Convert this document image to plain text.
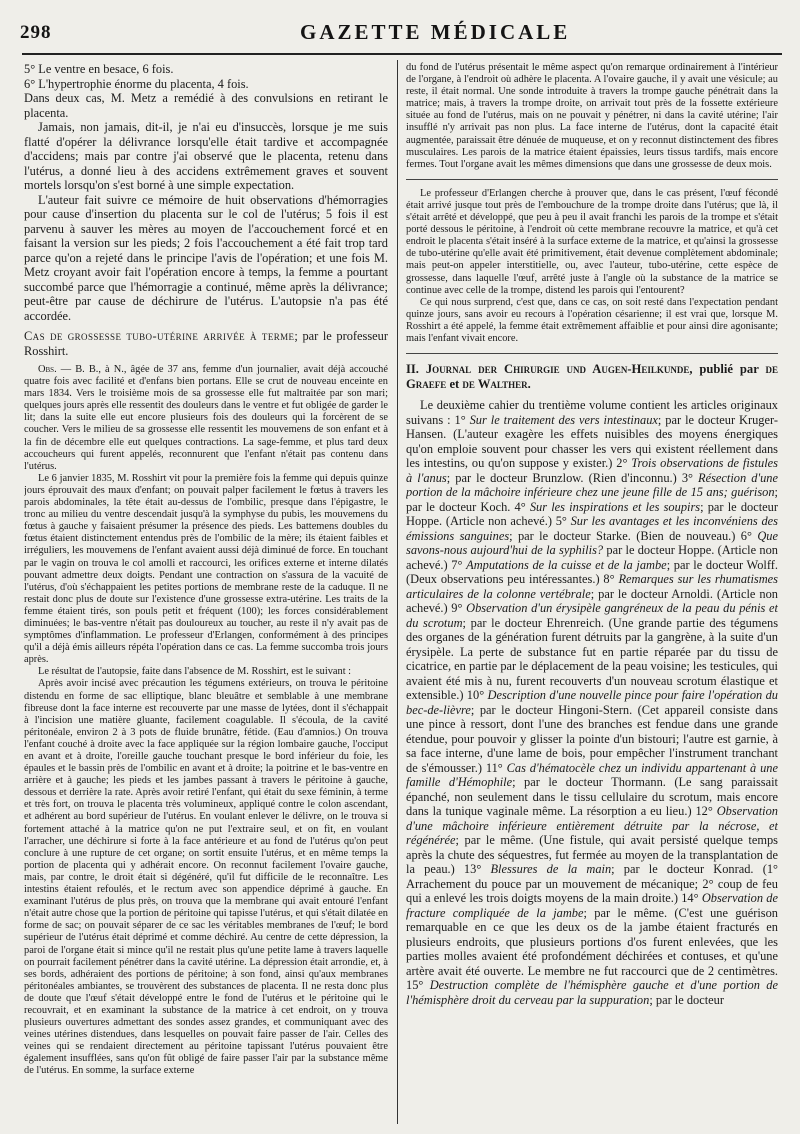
298	GAZETTE MÉDICALE

5° Le ventre en besace, 6 fois.

6° L'hypertrophie énorme du placenta, 4 fois.

Dans deux cas, M. Metz a remédié à des convulsions en retirant le placenta.

Jamais, non jamais, dit-il, je n'ai eu d'insuccès, lorsque je me suis flatté d'opérer la délivrance lorsqu'elle était tardive et accompagnée d'accidens; mais par contre j'ai observé que le placenta, retenu dans l'utérus, a donné lieu à des accidens extrêmement graves et souvent mortels lorsqu'on s'est borné à une simple expectation.

L'auteur fait suivre ce mémoire de huit observations d'hémorragies pour cause d'insertion du placenta sur le col de l'utérus; 5 fois il est parvenu à sauver les mères au moyen de l'accouchement forcé et en faisant la version sur les pieds; 2 fois l'accouchement a été fait trop tard parce qu'on a rejeté dans le principe l'avis de l'opération; et une fois M. Metz croyant avoir fait l'opération encore à temps, la femme a pourtant succombé parce que l'hémorragie a continué, même après la délivrance; peut-être par cause de déchirure de l'utérus. L'autopsie n'a pas été accordée.

Cas de grossesse tubo-utérine arrivée à terme; par le professeur Rosshirt.

Obs. — B. B., à N., âgée de 37 ans, femme d'un journalier, avait déjà accouché quatre fois avec facilité et d'enfans bien portans. Elle se crut de nouveau enceinte en mars 1834. Vers le troisième mois de sa grossesse elle fut maltraitée par son mari; quelques jours après elle ressentit des douleurs dans le ventre et fut obligée de garder le lit; dans la suite elle eut encore plusieurs fois des douleurs qui la forcèrent de se coucher. Vers le milieu de sa grossesse elle ressentit les mouvemens de son enfant et à la fin de décembre elle eut quelques contractions. La sage-femme, et plus tard deux accoucheurs qui furent appelés, reconnurent que l'enfant n'était pas contenu dans l'utérus.

Le 6 janvier 1835, M. Rosshirt vit pour la première fois la femme qui depuis quinze jours éprouvait des maux d'enfant; on pouvait palper facilement le fœtus à travers les parois abdominales, la tête était au-dessus de l'ombilic, presque dans l'épigastre, le tronc au milieu du ventre descendait jusqu'à la symphyse du pubis, les mouvemens du fœtus à gauche y faisaient présumer la présence des pieds. Les battemens doubles du fœtus étaient distinctement entendus près de l'ombilic de la mère; ils étaient faibles et irréguliers, les mouvemens de l'enfant avaient aussi déjà diminué de force. En touchant par le vagin on trouva le col amolli et raccourci, les orifices externe et interne dilatés pouvant admettre deux doigts. Pendant une contraction on s'assura de la vacuité de l'utérus, d'où s'échappaient les petites portions de membrane reste de la caduque. Il ne restait donc plus de doute sur l'existence d'une grossesse extra-utérine. Les traits de la femme étaient tirés, son pouls petit et fréquent (100); les forces considérablement diminuées; le bas-ventre n'était pas douloureux au toucher, au reste il n'y avait pas de symptômes d'inflammation. Le professeur d'Erlangen, conformément à des principes qu'il a déjà émis ailleurs répéta l'opération dans ce cas. La femme succomba trois jours après.

Le résultat de l'autopsie, faite dans l'absence de M. Rosshirt, est le suivant :

Après avoir incisé avec précaution les tégumens extérieurs, on trouva le péritoine distendu en forme de sac elliptique, blanc bleuâtre et semblable à une membrane fibreuse dont la face interne est recouverte par une masse de lytées, dont il s'échappait à l'incision une matière gluante, facilement coagulable. Il s'écoula, de la cavité péritonéale, environ 2 à 3 pots de fluide brunâtre, fétide. (Eau d'amnios.) On trouva l'enfant couché à droite avec la face appliquée sur la région lombaire gauche, l'occiput en avant et à droite, l'oreille gauche touchant presque le bord inférieur du foie, les épaules et le bassin près de l'ombilic en avant et à droite; la poitrine et le bas-ventre en arrière et à gauche; les pieds et les jambes passant à travers le péritoine à gauche, dessous et derrière la rate. Après avoir retiré l'enfant, qui était du sexe féminin, à terme et très fort, on trouva le placenta très volumineux, appliqué contre le colon ascendant, et adhérent au bord supérieur de l'utérus. En voulant enlever le délivre, on le trouva si fortement attaché à la matrice qu'on ne put l'extraire seul, et on fit, en voulant l'arracher, une déchirure si forte à la face antérieure et au fond de l'utérus qu'on peut conclure à une rupture de cet organe; on sortit ensuite l'utérus, et en même temps la portion de placenta qui y adhérait encore. On reconnut facilement l'ovaire gauche, mais, par contre, le droit était si dégénéré, qu'il fut difficile de le reconnaître. Les intestins étaient refoulés, et le rectum avec son appendice déprimé à gauche. En examinant l'utérus de plus près, on trouva que la membrane qui avait entouré l'enfant n'était autre chose que la portion de péritoine qui tapisse l'utérus, et qui s'était dilatée en forme de sac; on pouvait séparer de ce sac les véritables membranes de l'œuf; le bord supérieur de l'utérus était déprimé et comme déchiré. Au centre de cette dépression, la paroi de l'organe était si mince qu'il ne restait plus qu'une petite lame à travers laquelle on pourrait facilement pénétrer dans la cavité utérine. La dépression était arrondie, et, à ses bords, adhéraient des portions de péritoine; à son fond, ainsi qu'aux membranes péritonéales ambiantes, se trouvèrent des substances de placenta. Il ne resta donc plus de doute que l'œuf s'était développé entre le fond de l'utérus et le péritoine qui le recouvrait, et en examinant la substance de la matrice à cet endroit, on y trouva plusieurs ouvertures admettant des sondes assez grandes, et communiquant avec des veines utérines distendues, dans lesquelles on pouvait faire passer de l'air. Celles des veines qui se rendaient directement au péritoine tapissant l'utérus pouvaient être également insufflées, sans qu'on fût obligé de faire passer l'air par la substance même de l'utérus. En somme, la surface externe

du fond de l'utérus présentait le même aspect qu'on remarque ordinairement à l'intérieur de l'organe, à l'endroit où adhère le placenta. A l'ovaire gauche, il y avait une vésicule; au reste, il était normal. Une sonde introduite à travers la trompe gauche pénétrait dans la matrice; mais, à travers la trompe droite, on arrivait tout près de la fossette extérieure située au fond de l'utérus, mais on ne pouvait y pénétrer, ni dans la cavité utérine; l'air insufflé n'y arrivait pas non plus. La face interne de l'utérus, dont la capacité était augmentée, paraissait être dénuée de muqueuse, et on y reconnut distinctement des fibres musculaires. Les parois de la matrice étaient épaissies, leurs tissus tardifs, mais encore fermes. Tout l'organe avait les mêmes dimensions que dans une grossesse de deux mois.

Le professeur d'Erlangen cherche à prouver que, dans le cas présent, l'œuf fécondé était arrivé jusque tout près de l'embouchure de la trompe droite dans l'utérus; que là, il s'était arrêté et développé, que peu à peu il avait franchi les parois de la trompe et s'était porté dessous le péritoine, à l'endroit où cette membrane recouvre la matrice, et qu'à cet endroit le placenta s'était inséré à la surface externe de la matrice, et qu'ainsi la grossesse de tubo-utérine qu'elle avait été primitivement, était devenue complètement abdominale; mais peut-on appeler interstitielle, ou, avec l'auteur, tubo-utérine, cette espèce de grossesse, dans laquelle l'œuf, arrêté juste à l'angle où la substance de la matrice se continue avec celle de la trompe, distend les parois qui l'entourent?

Ce qui nous surprend, c'est que, dans ce cas, on soit resté dans l'expectation pendant quinze jours, sans avoir eu recours à l'opération césarienne; il est vrai que, lorsque M. Rosshirt a été appelé, la femme était extrêmement affaiblie et pour ainsi dire agonisante; mais l'enfant vivait encore.

II. Journal der Chirurgie und Augen-Heilkunde, publié par de Graefe et de Walther.

Le deuxième cahier du trentième volume contient les articles originaux suivans : 1° Sur le traitement des vers intestinaux; par le docteur Kruger-Hansen. (L'auteur exagère les effets nuisibles des moyens énergiques qu'on emploie souvent pour chasser les vers qui existent réellement dans les intestins, ou qu'on suppose y exister.) 2° Trois observations de fistules à l'anus; par le docteur Brunzlow. (Rien d'inconnu.) 3° Résection d'une portion de la mâchoire inférieure chez une jeune fille de 15 ans; guérison; par le docteur Koch. 4° Sur les inspirations et les soupirs; par le docteur Hoppe. (Article non achevé.) 5° Sur les avantages et les inconvéniens des émissions sanguines; par le docteur Starke. (Bien de nouveau.) 6° Que savons-nous aujourd'hui de la syphilis? par le docteur Hoppe. (Article non achevé.) 7° Amputations de la cuisse et de la jambe; par le docteur Wolff. (Deux observations peu intéressantes.) 8° Remarques sur les rhumatismes articulaires de la colonne vertébrale; par le docteur Arnoldi. (Article non achevé.) 9° Observation d'un érysipèle gangréneux de la peau du pénis et du scrotum; par le docteur Ehrenreich. (Une grande partie des tégumens des organes de la génération furent détruits par la gangrène, à la suite d'un érysipèle. La perte de substance fut en partie réparée par du tissu de cicatrice, en partie par le déplacement de la peau voisine; les testicules, qui avaient été mis à nu, furent recouverts d'un nouveau scrotum élastique et extensible.) 10° Description d'une nouvelle pince pour faire l'opération du bec-de-lièvre; par le docteur Hingoni-Stern. (Cet appareil consiste dans une pince à ressort, dont l'une des branches est fendue dans une grande étendue, pour pouvoir y glisser la pointe d'un bistouri; l'autre est garnie, à sa face interne, d'une lame de bois, pour empêcher l'instrument tranchant de s'émousser.) 11° Cas d'hématocèle chez un individu appartenant à une famille d'Hémophile; par le docteur Thormann. (Le sang paraissait épanché, non seulement dans le tissu cellulaire du scrotum, mais encore dans la tunique vaginale même. La résorption a eu lieu.) 12° Observation d'une mâchoire inférieure entièrement détruite par la nécrose, et régénérée; par le même. (Une fistule, qui avait persisté quelque temps après la chute des séquestres, fut fermée au moyen de la transplantation de la peau.) 13° Blessures de la main; par le docteur Konrad. (1° Arrachement du pouce par un mouvement de mécanique; 2° coup de feu qui a enlevé les trois doigts moyens de la main droite.) 14° Observation de fracture compliquée de la jambe; par le même. (C'est une guérison remarquable en ce que les deux os de la jambe étaient fracturés en plusieurs endroits, que plusieurs portions d'os furent enlevées, que les parties molles avaient été profondément déchirées et contuses, et qu'une artère avait été ouverte. Le membre ne fut raccourci que de 2 centimètres. 15° Destruction complète de l'hémisphère gauche et d'une portion de l'hémisphère droit du cerveau par la suppuration; par le docteur
